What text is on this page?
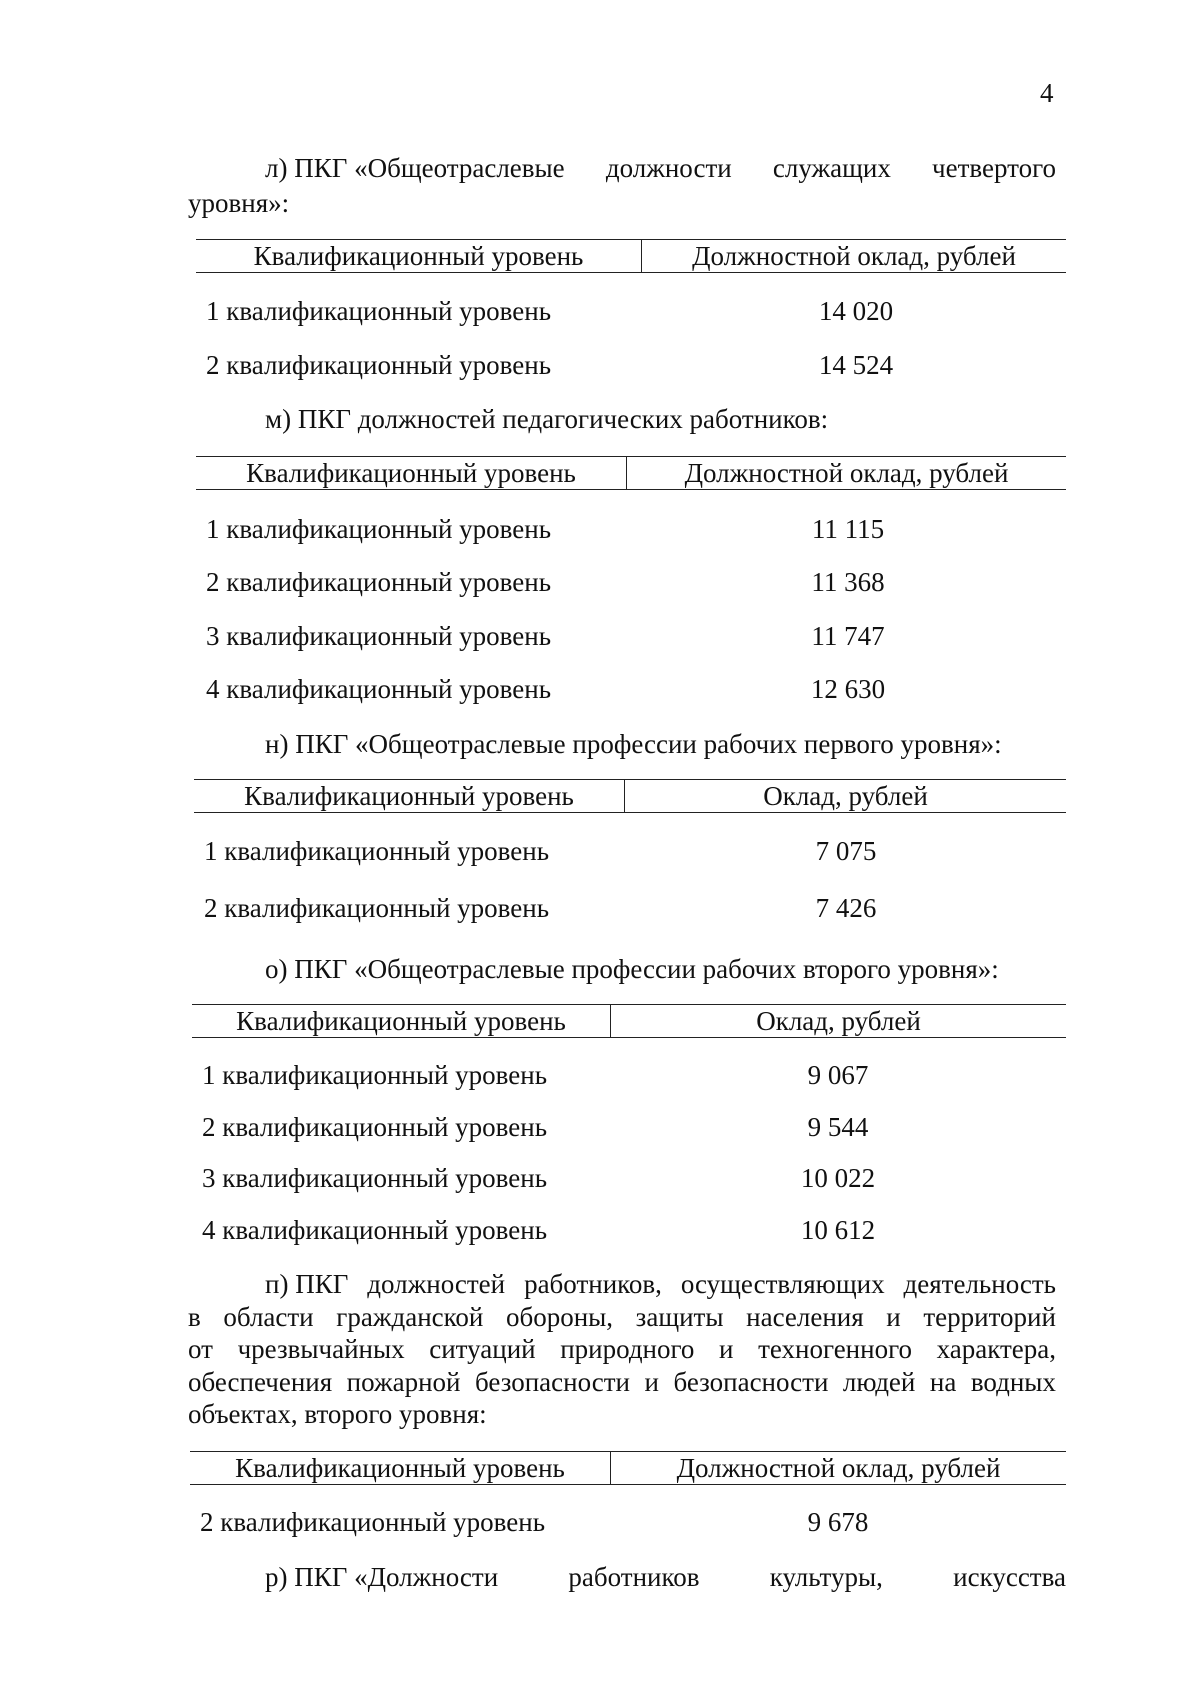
4
л) ПКГ «Общеотраслевые должности служащих четвертого
уровня»:
Квалификационный уровень	Должностной оклад, рублей
1 квалификационный уровень	14 020
2 квалификационный уровень	14 524
м) ПКГ должностей педагогических работников:
Квалификационный уровень	Должностной оклад, рублей
1 квалификационный уровень	11 115
2 квалификационный уровень	11 368
3 квалификационный уровень	11 747
4 квалификационный уровень	12 630
н) ПКГ «Общеотраслевые профессии рабочих первого уровня»:
Квалификационный уровень	Оклад, рублей
1 квалификационный уровень	7 075
2 квалификационный уровень	7 426
о) ПКГ «Общеотраслевые профессии рабочих второго уровня»:
Квалификационный уровень	Оклад, рублей
1 квалификационный уровень	9 067
2 квалификационный уровень	9 544
3 квалификационный уровень	10 022
4 квалификационный уровень	10 612
п) ПКГ должностей работников, осуществляющих деятельность
в области гражданской обороны, защиты населения и территорий
от чрезвычайных ситуаций природного и техногенного характера,
обеспечения пожарной безопасности и безопасности людей на водных
объектах, второго уровня:
Квалификационный уровень	Должностной оклад, рублей
2 квалификационный уровень	9 678
р) ПКГ «Должности	работников	культуры,	искусства
